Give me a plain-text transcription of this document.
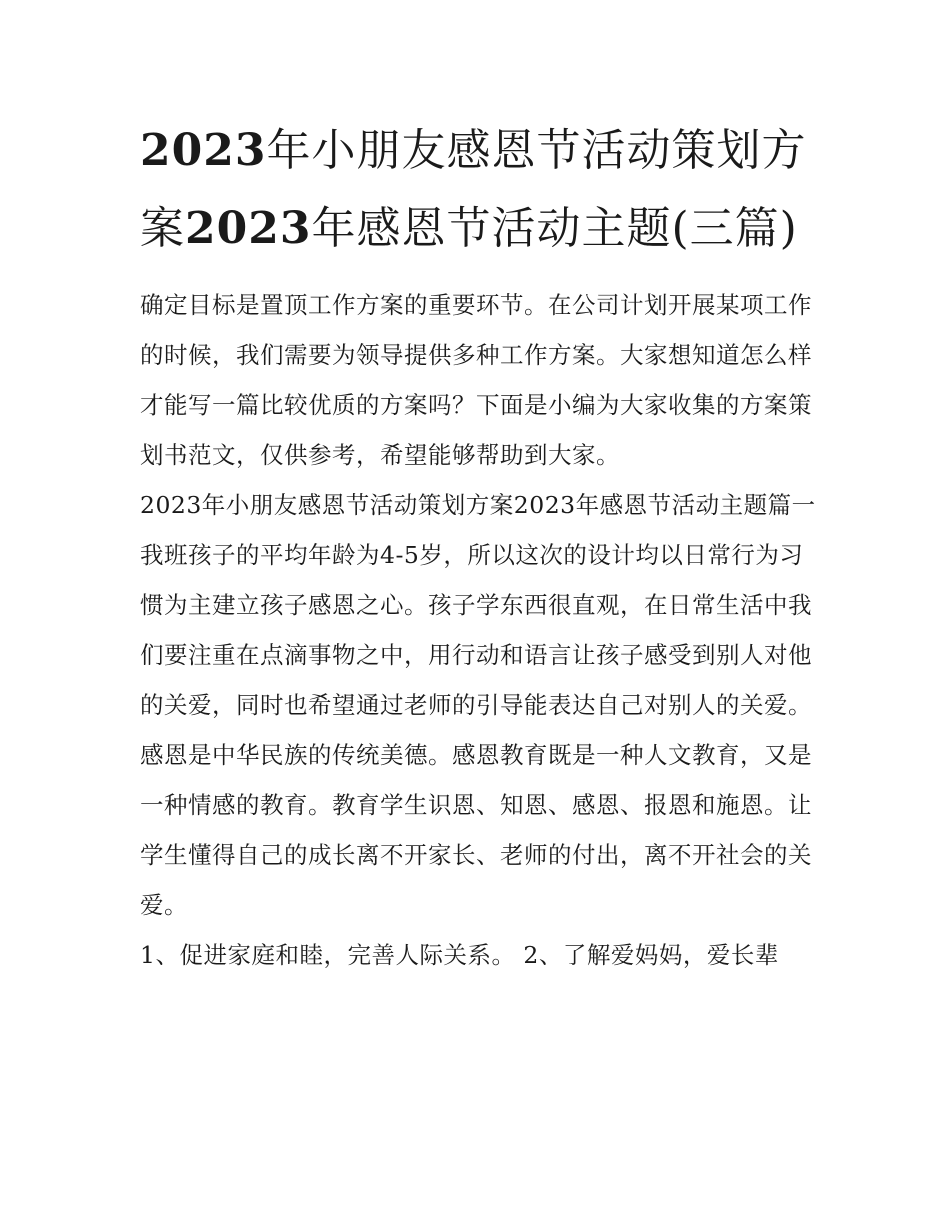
2023年小朋友感恩节活动策划方案2023年感恩节活动主题(三篇)

确定目标是置顶工作方案的重要环节。在公司计划开展某项工作的时候，我们需要为领导提供多种工作方案。大家想知道怎么样才能写一篇比较优质的方案吗？下面是小编为大家收集的方案策划书范文，仅供参考，希望能够帮助到大家。

2023年小朋友感恩节活动策划方案2023年感恩节活动主题篇一

我班孩子的平均年龄为4-5岁，所以这次的设计均以日常行为习惯为主建立孩子感恩之心。孩子学东西很直观，在日常生活中我们要注重在点滴事物之中，用行动和语言让孩子感受到别人对他的关爱，同时也希望通过老师的引导能表达自己对别人的关爱。感恩是中华民族的传统美德。感恩教育既是一种人文教育，又是一种情感的教育。教育学生识恩、知恩、感恩、报恩和施恩。让学生懂得自己的成长离不开家长、老师的付出，离不开社会的关爱。

1、促进家庭和睦，完善人际关系。 2、了解爱妈妈，爱长辈
